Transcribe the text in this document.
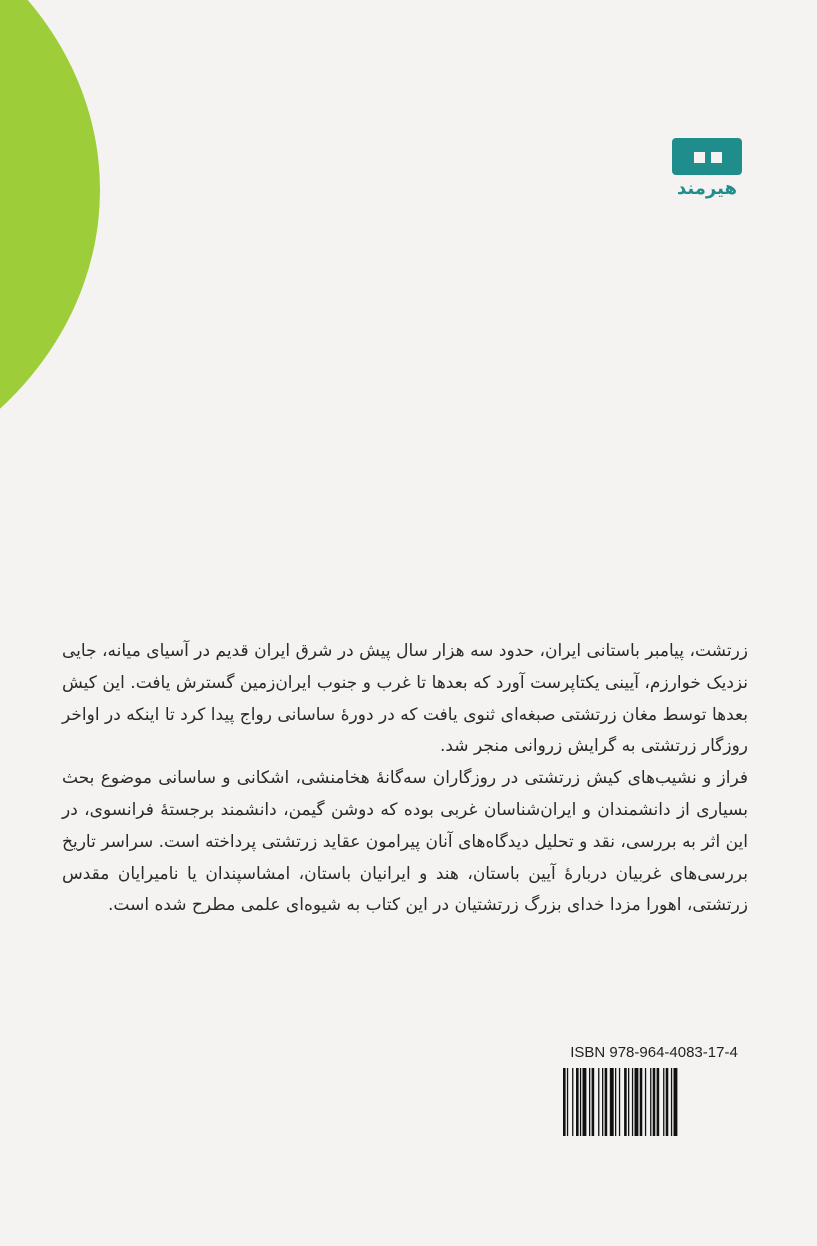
هیرمند

زرتشت، پیامبر باستانی ایران، حدود سه هزار سال پیش در شرق ایران قدیم در آسیای میانه، جایی نزدیک خوارزم، آیینی یکتاپرست آورد که بعدها تا غرب و جنوب ایران‌زمین گسترش یافت. این کیش بعدها توسط مغان زرتشتی صبغه‌ای ثنوی یافت که در دورهٔ ساسانی رواج پیدا کرد تا اینکه در اواخر روزگار زرتشتی به گرایش زروانی منجر شد.

فراز و نشیب‌های کیش زرتشتی در روزگاران سه‌گانهٔ هخامنشی، اشکانی و ساسانی موضوع بحث بسیاری از دانشمندان و ایران‌شناسان غربی بوده که دوشن گیمن، دانشمند برجستهٔ فرانسوی، در این اثر به بررسی، نقد و تحلیل دیدگاه‌های آنان پیرامون عقاید زرتشتی پرداخته است. سراسر تاریخ بررسی‌های غربیان دربارهٔ آیین باستان، هند و ایرانیان باستان، امشاسپندان یا نامیرایان مقدس زرتشتی، اهورا مزدا خدای بزرگ زرتشتیان در این کتاب به شیوه‌ای علمی مطرح شده است.

ISBN 978-964-4083-17-4
